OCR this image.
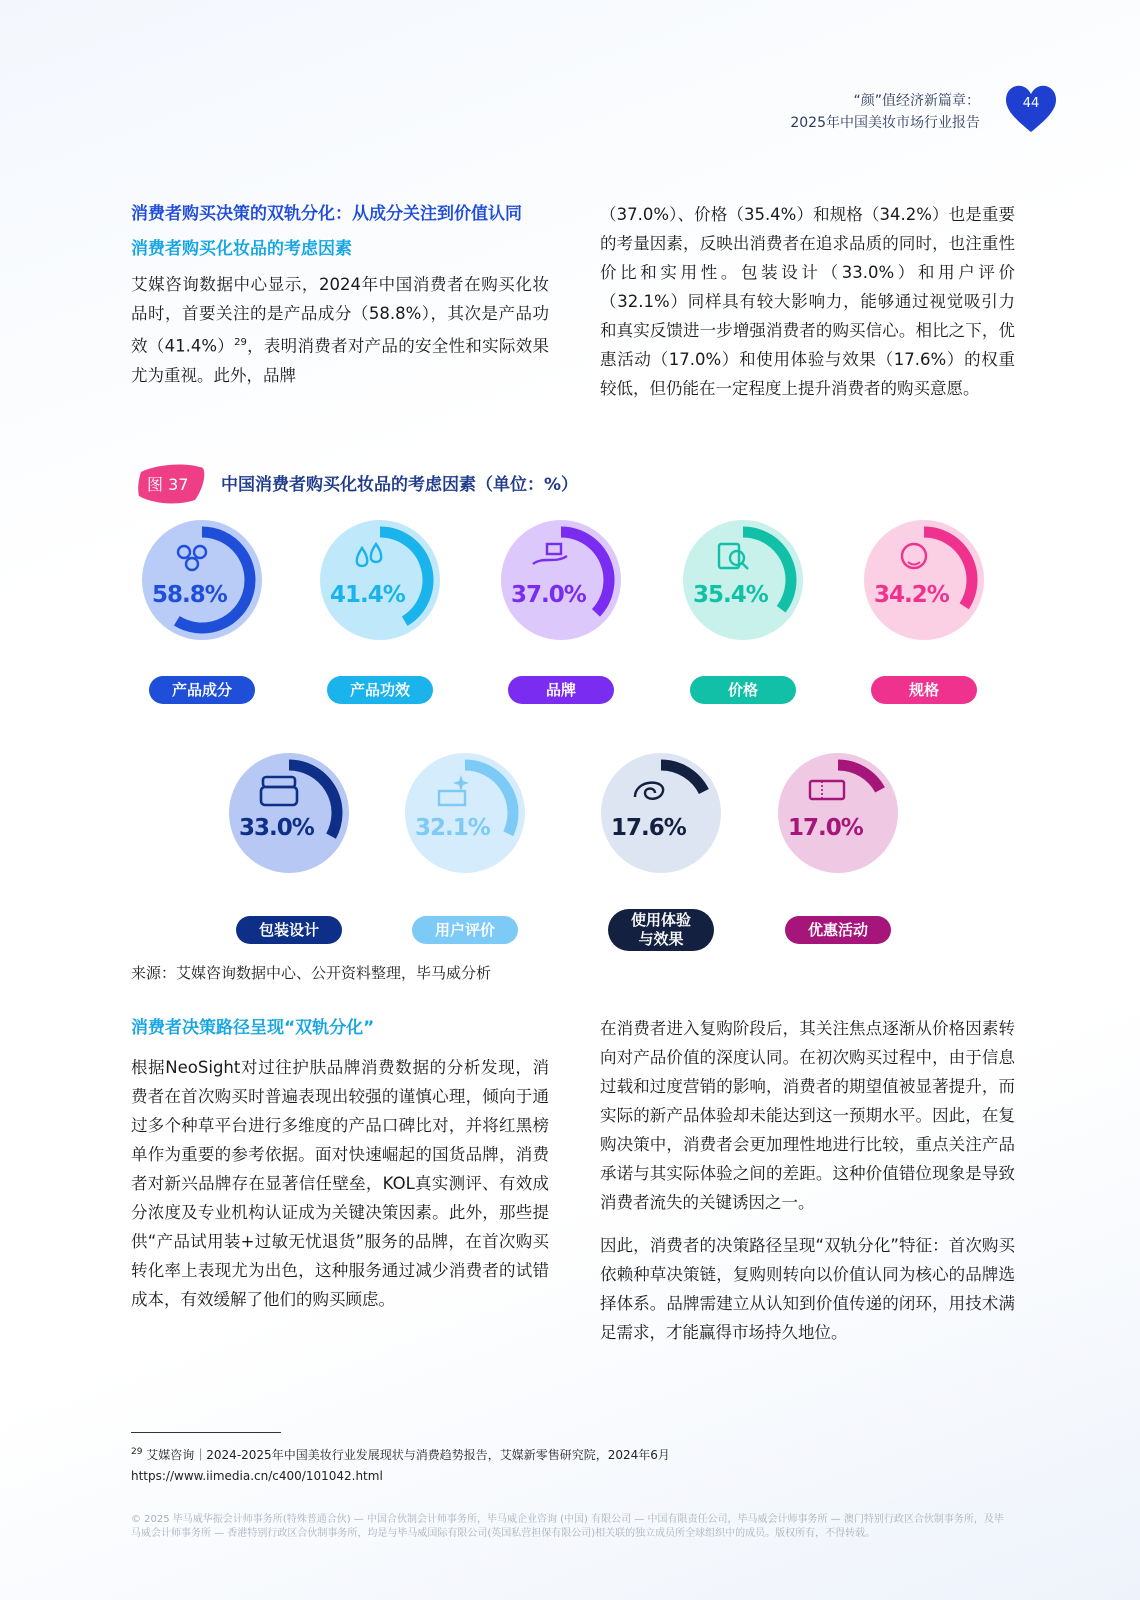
“颜”值经济新篇章：
2025年中国美妆市场行业报告
44

消费者购买决策的双轨分化：从成分关注到价值认同

消费者购买化妆品的考虑因素

艾媒咨询数据中心显示，2024年中国消费者在购买化妆品时，首要关注的是产品成分（58.8%），其次是产品功效$(41.4\%)^{29}$，表明消费者对产品的安全性和实际效果尤为重视。此外，品牌

（37.0%）、价格（35.4%）和规格（34.2%）也是重要的考量因素，反映出消费者在追求品质的同时，也注重性价比和实用性。包装设计（33.0%）和用户评价（32.1%）同样具有较大影响力，能够通过视觉吸引力和真实反馈进一步增强消费者的购买信心。相比之下，优惠活动（17.0%）和使用体验与效果（17.6%）的权重较低，但仍能在一定程度上提升消费者的购买意愿。

图 37 中国消费者购买化妆品的考虑因素（单位：%）
58.8%
产品成分
41.4%
产品功效
37.0%
品牌
35.4%
价格
34.2%
规格
33.0%
包装设计
32.1%
用户评价
17.6%
使用体验
与效果
17.0%
优惠活动
来源：艾媒咨询数据中心、公开资料整理，毕马威分析

消费者决策路径呈现“双轨分化”

根据NeoSight对过往护肤品牌消费数据的分析发现，消费者在首次购买时普遍表现出较强的谨慎心理，倾向于通过多个种草平台进行多维度的产品口碑比对，并将红黑榜单作为重要的参考依据。面对快速崛起的国货品牌，消费者对新兴品牌存在显著信任壁垒，KOL真实测评、有效成分浓度及专业机构认证成为关键决策因素。此外，那些提供“产品试用装+过敏无忧退货”服务的品牌，在首次购买转化率上表现尤为出色，这种服务通过减少消费者的试错成本，有效缓解了他们的购买顾虑。

在消费者进入复购阶段后，其关注焦点逐渐从价格因素转向对产品价值的深度认同。在初次购买过程中，由于信息过载和过度营销的影响，消费者的期望值被显著提升，而实际的新产品体验却未能达到这一预期水平。因此，在复购决策中，消费者会更加理性地进行比较，重点关注产品承诺与其实际体验之间的差距。这种价值错位现象是导致消费者流失的关键诱因之一。

因此，消费者的决策路径呈现“双轨分化”特征：首次购买依赖种草决策链，复购则转向以价值认同为核心的品牌选择体系。品牌需建立从认知到价值传递的闭环，用技术满足需求，才能赢得市场持久地位。

$^{29}$ 艾媒咨询｜2024-2025年中国美妆行业发展现状与消费趋势报告，艾媒新零售研究院，2024年6月
https://www.iimedia.cn/c400/101042.html
© 2025 毕马威华振会计师事务所(特殊普通合伙) — 中国合伙制会计师事务所，毕马威企业咨询 (中国) 有限公司 — 中国有限责任公司，毕马威会计师事务所 — 澳门特别行政区合伙制事务所，及毕马威会计师事务所 — 香港特别行政区合伙制事务所，均是与毕马威国际有限公司(英国私营担保有限公司)相关联的独立成员所全球组织中的成员。版权所有，不得转载。
